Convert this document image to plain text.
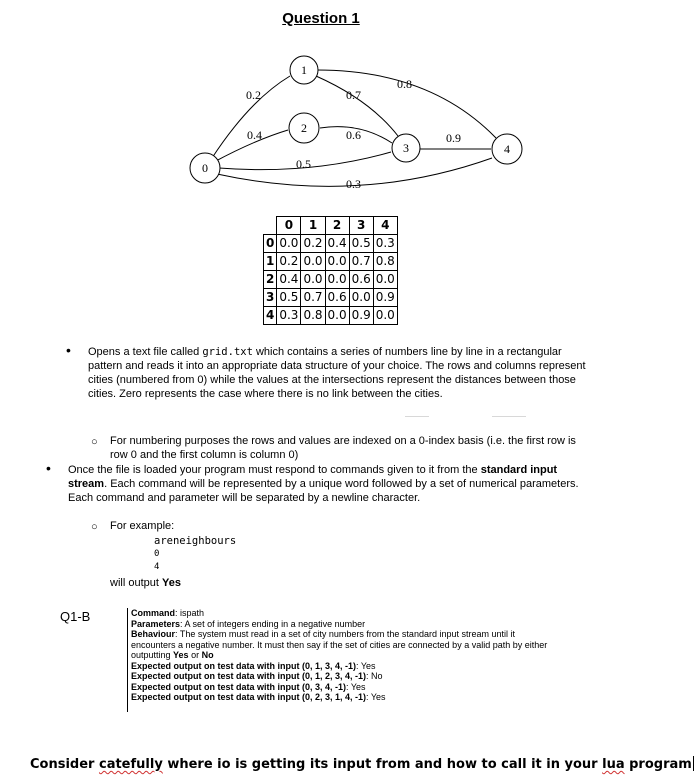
Question 1
0
1
2
3	4
0.2	0.7
0.8
0.4	0.6	0.9
0.5
0.3
	0	1	2	3	4
0	0.0	0.2	0.4	0.5	0.3
1	0.2	0.0	0.0	0.7	0.8
2	0.4	0.0	0.0	0.6	0.0
3	0.5	0.7	0.6	0.0	0.9
4	0.3	0.8	0.0	0.9	0.0
• Opens a text file called grid.txt which contains a series of numbers line by line in a rectangular pattern and reads it into an appropriate data structure of your choice. The rows and columns represent cities (numbered from 0) while the values at the intersections represent the distances between those cities. Zero represents the case where there is no link between the cities.
○ For numbering purposes the rows and values are indexed on a 0-index basis (i.e. the first row is row 0 and the first column is column 0)
• Once the file is loaded your program must respond to commands given to it from the standard input stream. Each command will be represented by a unique word followed by a set of numerical parameters. Each command and parameter will be separated by a newline character.
○ For example:
areneighbours
0
4
will output Yes
Q1-B	Command: ispath
Parameters: A set of integers ending in a negative number
Behaviour: The system must read in a set of city numbers from the standard input stream until it encounters a negative number. It must then say if the set of cities are connected by a valid path by either outputting Yes or No
Expected output on test data with input (0, 1, 3, 4, -1): Yes
Expected output on test data with input (0, 1, 2, 3, 4, -1): No
Expected output on test data with input (0, 3, 4, -1): Yes
Expected output on test data with input (0, 2, 3, 1, 4, -1): Yes
Consider catefully where io is getting its input from and how to call it in your lua program
